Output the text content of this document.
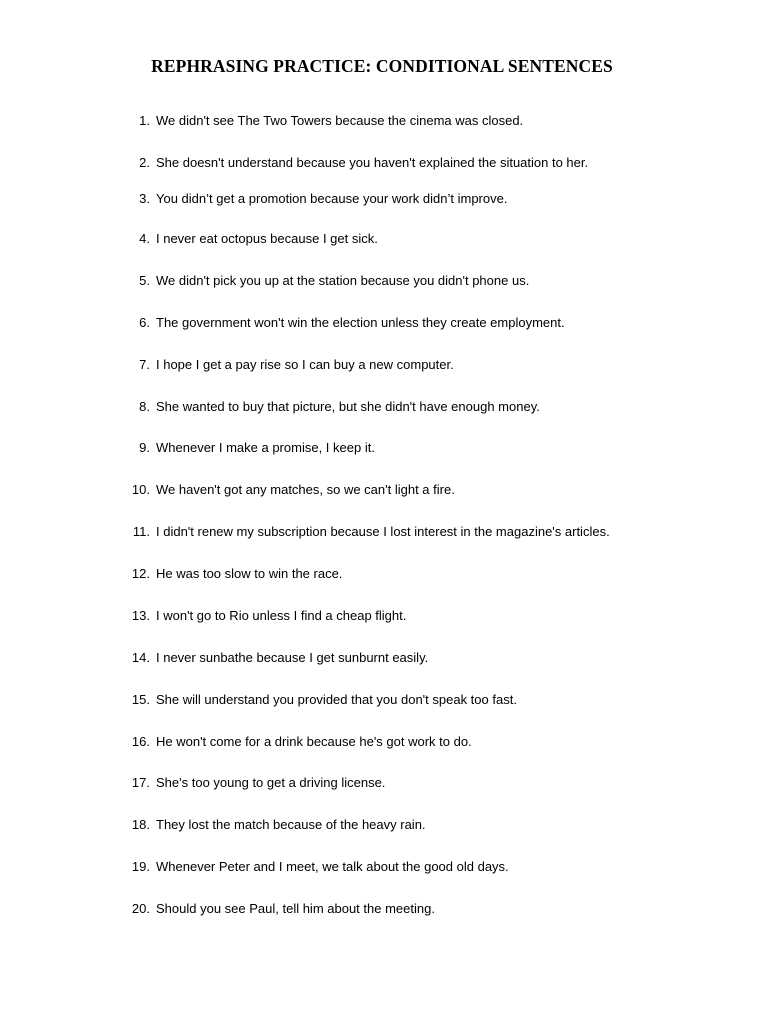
REPHRASING PRACTICE: CONDITIONAL SENTENCES
1. We didn't see The Two Towers because the cinema was closed.
2. She doesn't understand because you haven't explained the situation to her.
3. You didn’t get a promotion because your work didn’t improve.
4. I never eat octopus because I get sick.
5. We didn't pick you up at the station because you didn't phone us.
6. The government won't win the election unless they create employment.
7. I hope I get a pay rise so I can buy a new computer.
8. She wanted to buy that picture, but she didn't have enough money.
9. Whenever I make a promise, I keep it.
10. We haven't got any matches, so we can't light a fire.
11. I didn't renew my subscription because I lost interest in the magazine's articles.
12. He was too slow to win the race.
13. I won't go to Rio unless I find a cheap flight.
14. I never sunbathe because I get sunburnt easily.
15. She will understand you provided that you don't speak too fast.
16. He won't come for a drink because he's got work to do.
17. She's too young to get a driving license.
18. They lost the match because of the heavy rain.
19. Whenever Peter and I meet, we talk about the good old days.
20. Should you see Paul, tell him about the meeting.
